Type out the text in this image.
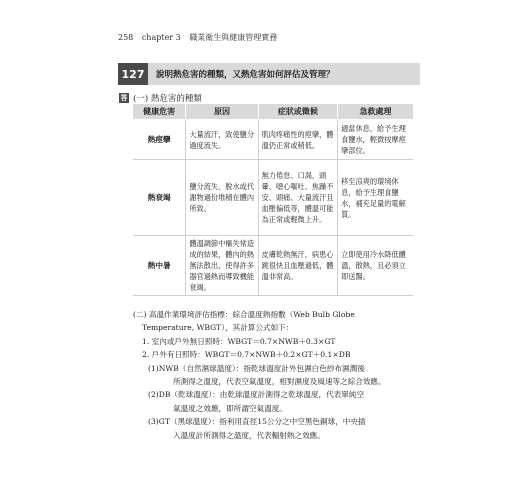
258 chapter 3 職業衛生與健康管理實務
127	說明熱危害的種類，又熱危害如何評估及管理？
答 (一) 熱危害的種類
健康危害	原因	症狀或徵候	急救處理
熱痙攣	大量流汗，致使鹽分過度流失。	肌肉疼痛性的痙攣，體溫仍正常或稍低。	適當休息，給予生理食鹽水，輕微按摩痙攣部位。
熱衰竭	鹽分流失、脫水或代謝物過份堆積在體內所致。	無力倦怠、口渴、頭暈、噁心嘔吐、焦躁不安、頭痛、大量流汗且血壓偏低等，體溫可能為正常或輕微上升。	移至涼爽的環境休息，給予生理食鹽水，補充足量的電解質。
熱中暑	體溫調節中樞失常造成的結果，體內的熱無法散出，使得許多器官過熱而導致機能衰竭。	皮膚乾熱無汗，病患心跳很快且血壓過低，體溫非常高。	立即使用冷水降低體溫，散熱，且必須立即送醫。

(二) 高溫作業環境評估指標：綜合溫度熱指數（Web Bulb Globe

Temperature, WBGT），其計算公式如下：

1. 室內或戶外無日照時：WBGT＝0.7×NWB＋0.3×GT

2. 戶外有日照時：WBGT＝0.7×NWB＋0.2×GT＋0.1×DB

(1)NWB（自然濕球溫度）：指乾球溫度計外包濕白色紗布濕潤後

所測得之溫度，代表空氣溫度，相對濕度及風速等之綜合效應。

(2)DB（乾球溫度）：由乾球溫度計測得之乾球溫度，代表單純空

氣溫度之效應，即所謂空氣溫度。

(3)GT（黑球溫度）：指利用直徑15公分之中空黑色銅球，中央插

入溫度計所測得之溫度，代表輻射熱之效應。
